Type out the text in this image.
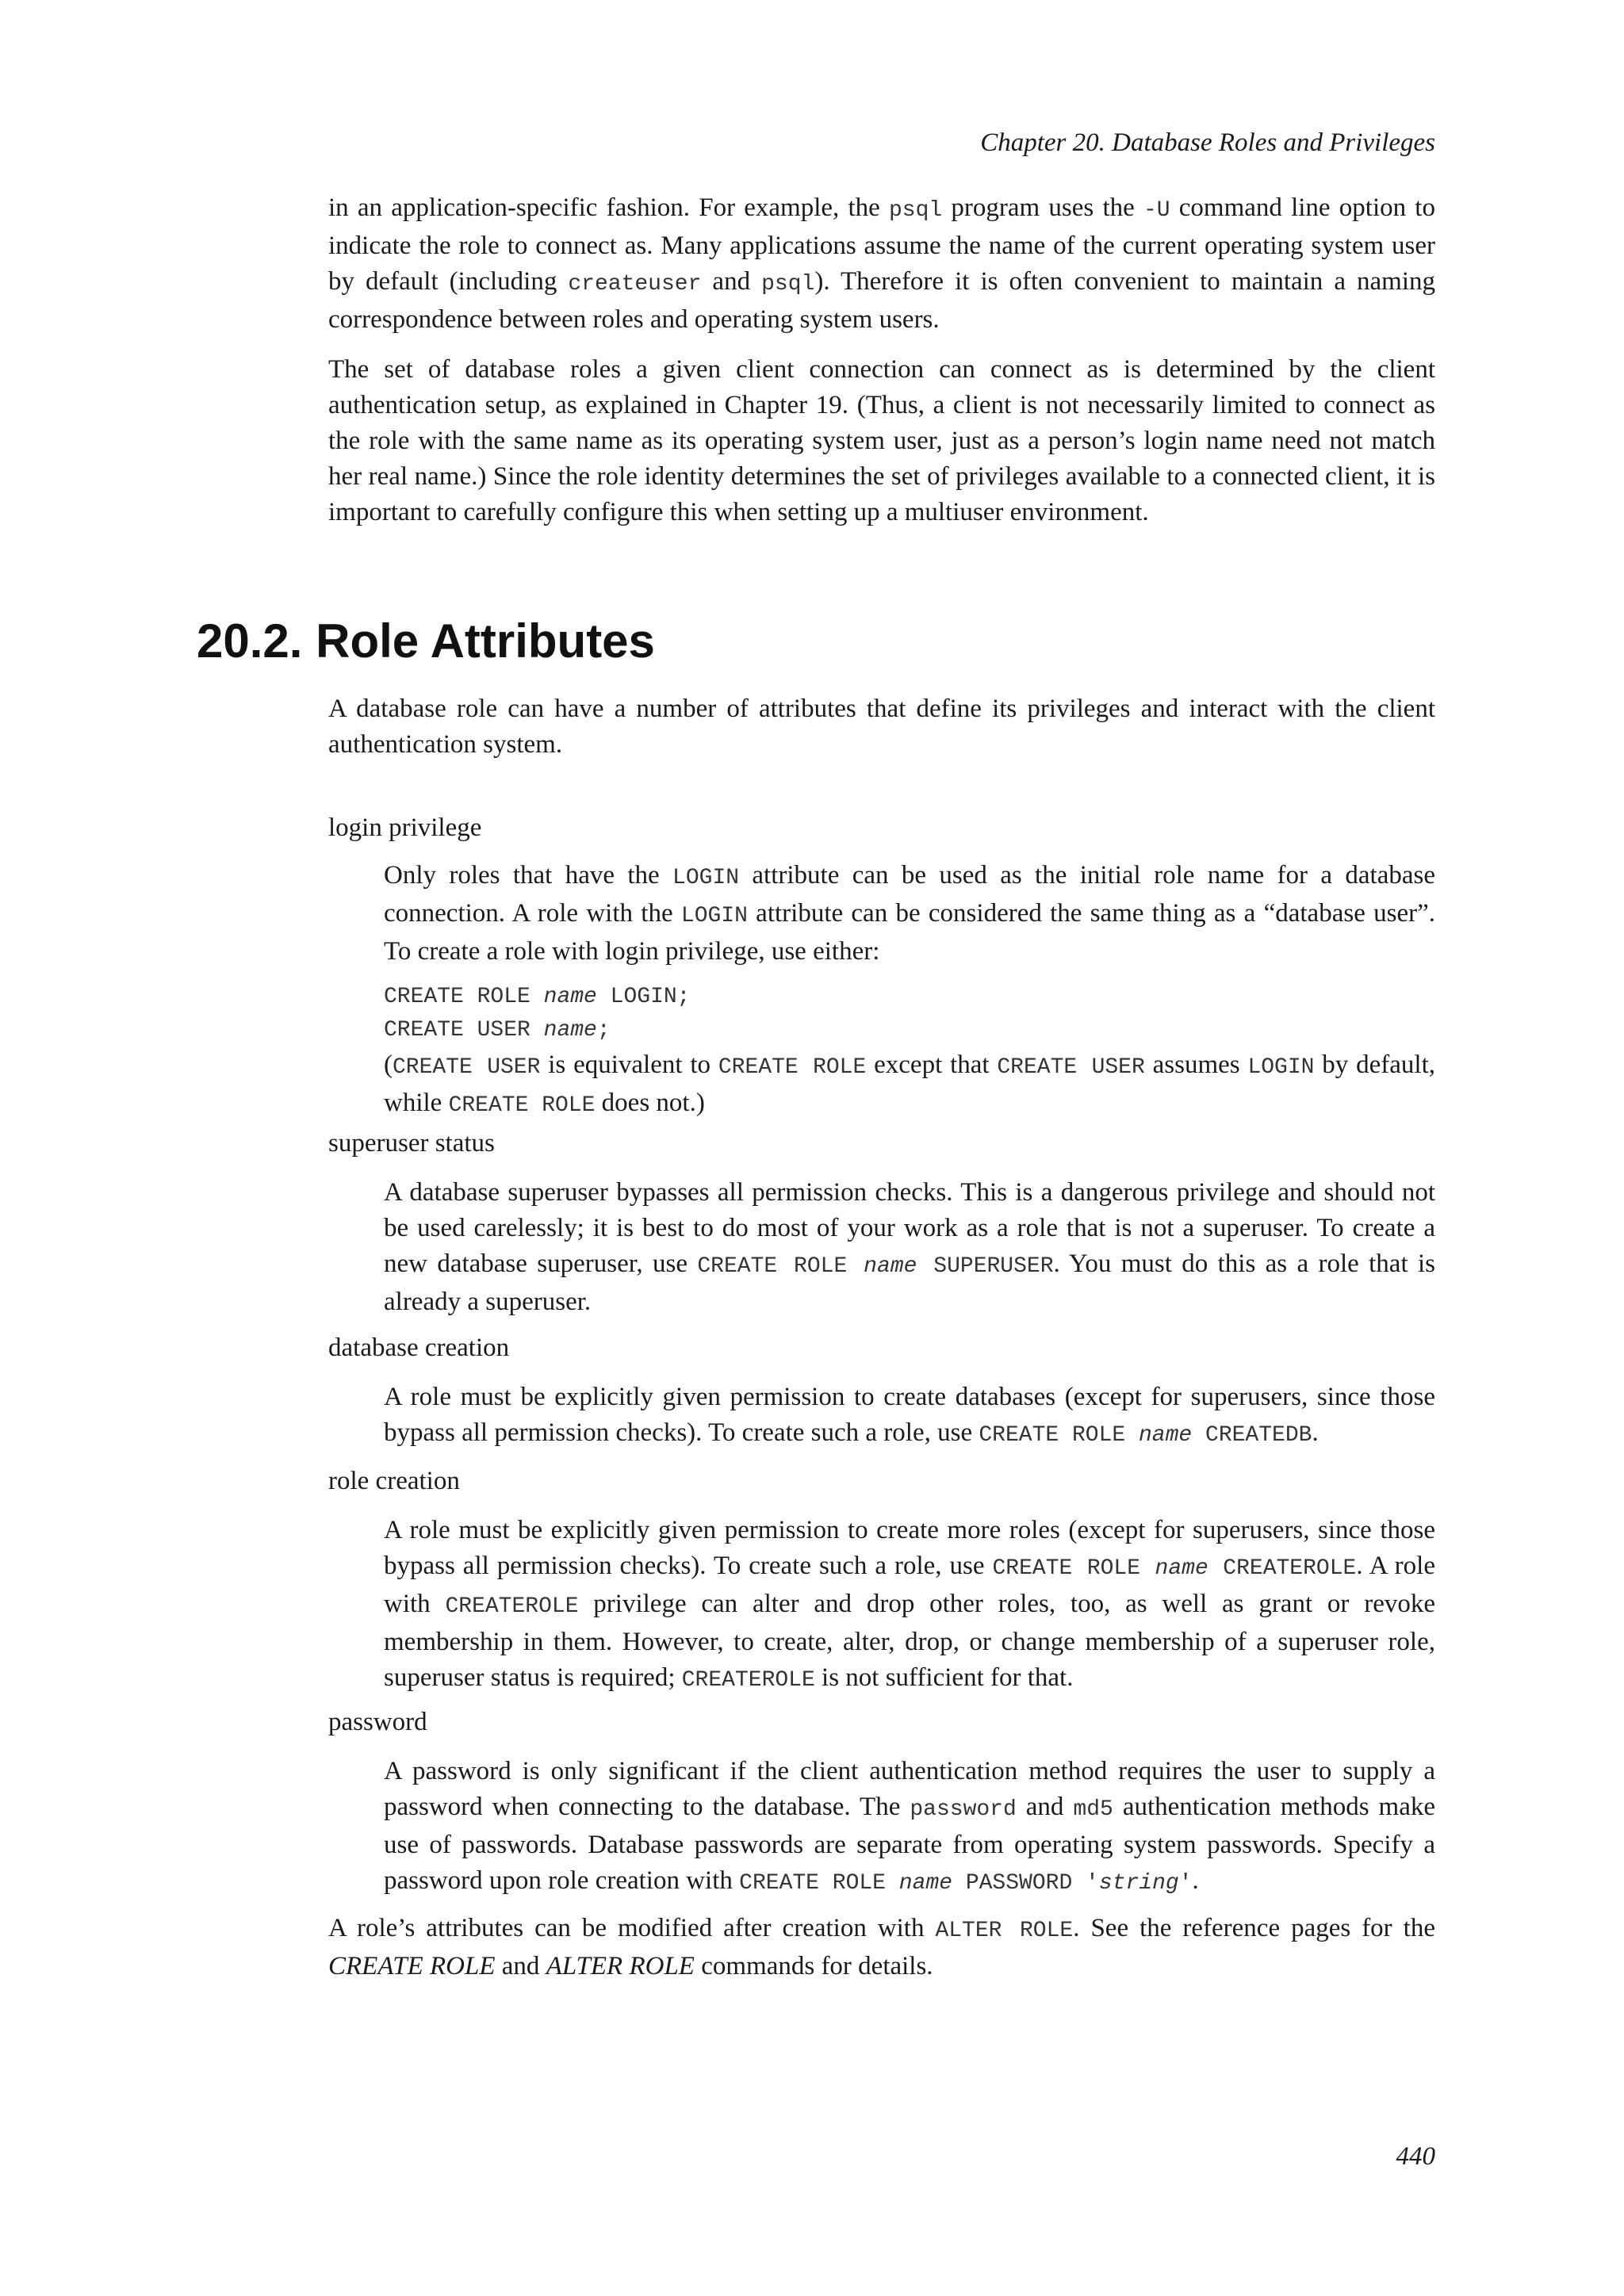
Chapter 20. Database Roles and Privileges

in an application-specific fashion. For example, the psql program uses the -U command line option to indicate the role to connect as. Many applications assume the name of the current operating system user by default (including createuser and psql). Therefore it is often convenient to maintain a naming correspondence between roles and operating system users.

The set of database roles a given client connection can connect as is determined by the client authentication setup, as explained in Chapter 19. (Thus, a client is not necessarily limited to connect as the role with the same name as its operating system user, just as a person’s login name need not match her real name.) Since the role identity determines the set of privileges available to a connected client, it is important to carefully configure this when setting up a multiuser environment.

20.2. Role Attributes

A database role can have a number of attributes that define its privileges and interact with the client authentication system.

login privilege

Only roles that have the LOGIN attribute can be used as the initial role name for a database connection. A role with the LOGIN attribute can be considered the same thing as a “database user”. To create a role with login privilege, use either:

CREATE ROLE name LOGIN;
CREATE USER name;

(CREATE USER is equivalent to CREATE ROLE except that CREATE USER assumes LOGIN by default, while CREATE ROLE does not.)

superuser status

A database superuser bypasses all permission checks. This is a dangerous privilege and should not be used carelessly; it is best to do most of your work as a role that is not a superuser. To create a new database superuser, use CREATE ROLE name SUPERUSER. You must do this as a role that is already a superuser.

database creation

A role must be explicitly given permission to create databases (except for superusers, since those bypass all permission checks). To create such a role, use CREATE ROLE name CREATEDB.

role creation

A role must be explicitly given permission to create more roles (except for superusers, since those bypass all permission checks). To create such a role, use CREATE ROLE name CREATEROLE. A role with CREATEROLE privilege can alter and drop other roles, too, as well as grant or revoke membership in them. However, to create, alter, drop, or change membership of a superuser role, superuser status is required; CREATEROLE is not sufficient for that.

password

A password is only significant if the client authentication method requires the user to supply a password when connecting to the database. The password and md5 authentication methods make use of passwords. Database passwords are separate from operating system passwords. Specify a password upon role creation with CREATE ROLE name PASSWORD 'string'.

A role’s attributes can be modified after creation with ALTER ROLE. See the reference pages for the CREATE ROLE and ALTER ROLE commands for details.

440
